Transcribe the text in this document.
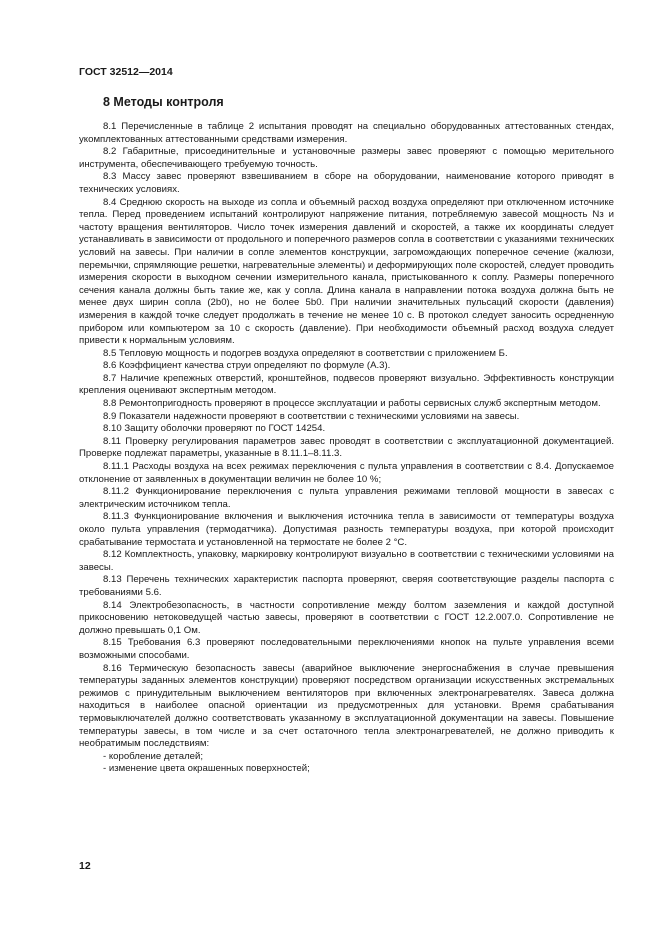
ГОСТ 32512—2014
8 Методы контроля

8.1 Перечисленные в таблице 2 испытания проводят на специально оборудованных аттестованных стендах, укомплектованных аттестованными средствами измерения.

8.2 Габаритные, присоединительные и установочные размеры завес проверяют с помощью мерительного инструмента, обеспечивающего требуемую точность.

8.3 Массу завес проверяют взвешиванием в сборе на оборудовании, наименование которого приводят в технических условиях.

8.4 Среднюю скорость на выходе из сопла и объемный расход воздуха определяют при отключенном источнике тепла. Перед проведением испытаний контролируют напряжение питания, потребляемую завесой мощность Nз и частоту вращения вентиляторов. Число точек измерения давлений и скоростей, а также их координаты следует устанавливать в зависимости от продольного и поперечного размеров сопла в соответствии с указаниями технических условий на завесы. При наличии в сопле элементов конструкции, загромождающих поперечное сечение (жалюзи, перемычки, спрямляющие решетки, нагревательные элементы) и деформирующих поле скоростей, следует проводить измерения скорости в выходном сечении измерительного канала, пристыкованного к соплу. Размеры поперечного сечения канала должны быть такие же, как у сопла. Длина канала в направлении потока воздуха должна быть не менее двух ширин сопла (2b0), но не более 5b0. При наличии значительных пульсаций скорости (давления) измерения в каждой точке следует продолжать в течение не менее 10 с. В протокол следует заносить осредненную прибором или компьютером за 10 с скорость (давление). При необходимости объемный расход воздуха следует привести к нормальным условиям.

8.5 Тепловую мощность и подогрев воздуха определяют в соответствии с приложением Б.

8.6 Коэффициент качества струи определяют по формуле (А.3).

8.7 Наличие крепежных отверстий, кронштейнов, подвесов проверяют визуально. Эффективность конструкции крепления оценивают экспертным методом.

8.8 Ремонтопригодность проверяют в процессе эксплуатации и работы сервисных служб экспертным методом.

8.9 Показатели надежности проверяют в соответствии с техническими условиями на завесы.

8.10 Защиту оболочки проверяют по ГОСТ 14254.

8.11 Проверку регулирования параметров завес проводят в соответствии с эксплуатационной документацией. Проверке подлежат параметры, указанные в 8.11.1–8.11.3.

8.11.1 Расходы воздуха на всех режимах переключения с пульта управления в соответствии с 8.4. Допускаемое отклонение от заявленных в документации величин не более 10 %;

8.11.2 Функционирование переключения с пульта управления режимами тепловой мощности в завесах с электрическим источником тепла.

8.11.3 Функционирование включения и выключения источника тепла в зависимости от температуры воздуха около пульта управления (термодатчика). Допустимая разность температуры воздуха, при которой происходит срабатывание термостата и установленной на термостате не более 2 °С.

8.12 Комплектность, упаковку, маркировку контролируют визуально в соответствии с техническими условиями на завесы.

8.13 Перечень технических характеристик паспорта проверяют, сверяя соответствующие разделы паспорта с требованиями 5.6.

8.14 Электробезопасность, в частности сопротивление между болтом заземления и каждой доступной прикосновению нетоковедущей частью завесы, проверяют в соответствии с ГОСТ 12.2.007.0. Сопротивление не должно превышать 0,1 Ом.

8.15 Требования 6.3 проверяют последовательными переключениями кнопок на пульте управления всеми возможными способами.

8.16 Термическую безопасность завесы (аварийное выключение энергоснабжения в случае превышения температуры заданных элементов конструкции) проверяют посредством организации искусственных экстремальных режимов с принудительным выключением вентиляторов при включенных электронагревателях. Завеса должна находиться в наиболее опасной ориентации из предусмотренных для установки. Время срабатывания термовыключателей должно соответствовать указанному в эксплуатационной документации на завесы. Повышение температуры завесы, в том числе и за счет остаточного тепла электронагревателей, не должно приводить к необратимым последствиям:

- коробление деталей;

- изменение цвета окрашенных поверхностей;

12
